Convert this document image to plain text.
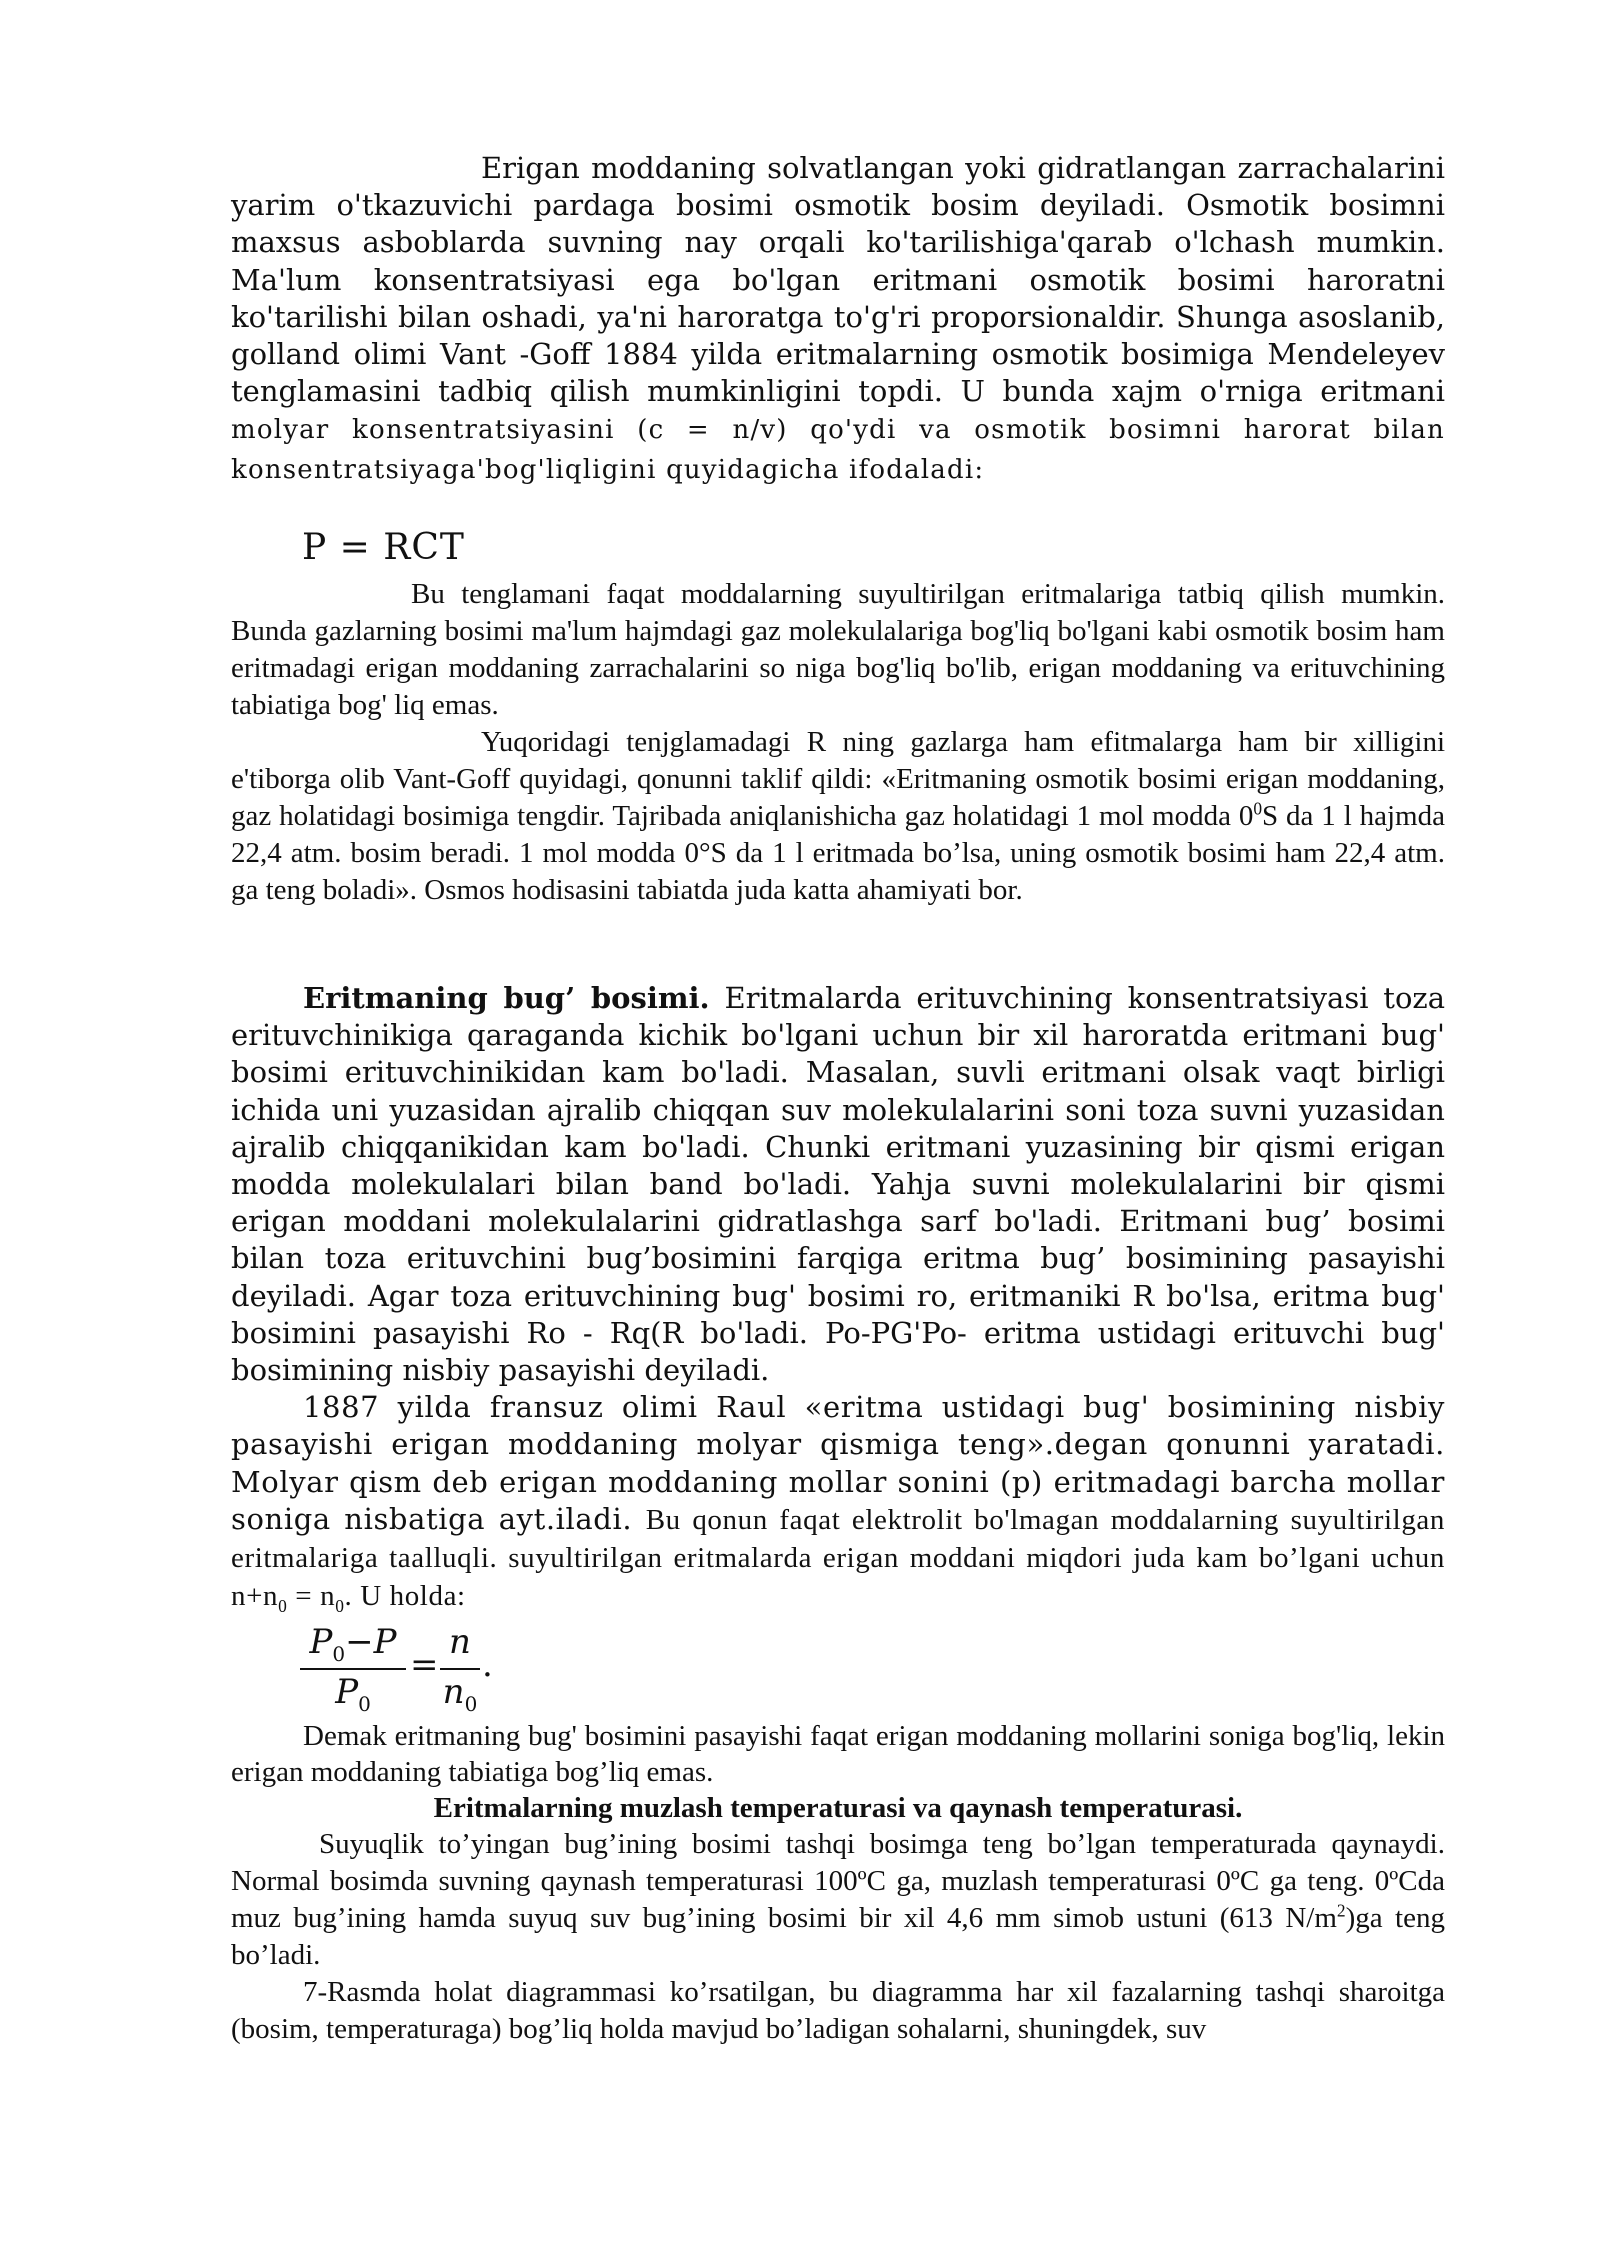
Erigan moddaning solvatlangan yoki gidratlangan zarrachalarini yarim o'tkazuvichi pardaga bosimi osmotik bosim deyiladi. Osmotik bosimni maxsus asboblarda suvning nay orqali ko'tarilishiga'qarab o'lchash mumkin. Ma'lum konsentratsiyasi ega bo'lgan eritmani osmotik bosimi haroratni ko'tarilishi bilan oshadi, ya'ni haroratga to'g'ri proporsionaldir. Shunga asoslanib, golland olimi Vant -Goff 1884 yilda eritmalarning osmotik bosimiga Mendeleyev tenglamasini tadbiq qilish mumkinligini topdi. U bunda xajm o'rniga eritmani molyar konsentratsiyasini (c = n/v) qo'ydi va osmotik bosimni harorat bilan konsentratsiyaga'bog'liqligini quyidagicha ifodaladi:

P = RCT

Bu tenglamani faqat moddalarning suyultirilgan eritmalariga tatbiq qilish mumkin. Bunda gazlarning bosimi ma'lum hajmdagi gaz molekulalariga bog'liq bo'lgani kabi osmotik bosim ham eritmadagi erigan moddaning zarrachalarini so niga bog'liq bo'lib, erigan moddaning va erituvchining tabiatiga bog' liq emas.

Yuqoridagi tenjglamadagi R ning gazlarga ham efitmalarga ham bir xilligini e'tiborga olib Vant-Goff quyidagi, qonunni taklif qildi: «Eritmaning osmotik bosimi erigan moddaning, gaz holatidagi bosimiga tengdir. Tajribada aniqlanishicha gaz holatidagi 1 mol modda $0^0S$ da 1 l hajmda 22,4 atm. bosim beradi. 1 mol modda 0°S da 1 l eritmada bo’lsa, uning osmotik bosimi ham 22,4 atm. ga teng boladi». Osmos hodisasini tabiatda juda katta ahamiyati bor.

Eritmaning bug’ bosimi. Eritmalarda erituvchining konsentratsiyasi toza erituvchinikiga qaraganda kichik bo'lgani uchun bir xil haroratda eritmani bug' bosimi erituvchinikidan kam bo'ladi. Masalan, suvli eritmani olsak vaqt birligi ichida uni yuzasidan ajralib chiqqan suv molekulalarini soni toza suvni yuzasidan ajralib chiqqanikidan kam bo'ladi. Chunki eritmani yuzasining bir qismi erigan modda molekulalari bilan band bo'ladi. Yahja suvni molekulalarini bir qismi erigan moddani molekulalarini gidratlashga sarf bo'ladi. Eritmani bug’ bosimi bilan toza erituvchini bug’bosimini farqiga eritma bug’ bosimining pasayishi deyiladi. Agar toza erituvchining bug' bosimi ro, eritmaniki R bo'lsa, eritma bug' bosimini pasayishi Ro - Rq(R bo'ladi. Po-PG'Po- eritma ustidagi erituvchi bug' bosimining nisbiy pasayishi deyiladi.

1887 yilda fransuz olimi Raul «eritma ustidagi bug' bosimining nisbiy pasayishi erigan moddaning molyar qismiga teng».degan qonunni yaratadi. Molyar qism deb erigan moddaning mollar sonini (p) eritmadagi barcha mollar soniga nisbatiga ayt.iladi. Bu qonun faqat elektrolit bo'lmagan moddalarning suyultirilgan eritmalariga taalluqli. suyultirilgan eritmalarda erigan moddani miqdori juda kam bo’lgani uchun $n+n_0 = n_0$. U holda:

$P_0-P$
$P_0$
=
n
$n_0$
.

Demak eritmaning bug' bosimini pasayishi faqat erigan moddaning mollarini soniga bog'liq, lekin erigan moddaning tabiatiga bog’liq emas.

Eritmalarning muzlash temperaturasi va qaynash temperaturasi.

Suyuqlik to’yingan bug’ining bosimi tashqi bosimga teng bo’lgan temperaturada qaynaydi. Normal bosimda suvning qaynash temperaturasi 100ºC ga, muzlash temperaturasi 0ºC ga teng. 0ºCda muz bug’ining hamda suyuq suv bug’ining bosimi bir xil 4,6 mm simob ustuni (613 $N/m^2)ga$ teng bo’ladi.

7-Rasmda holat diagrammasi ko’rsatilgan, bu diagramma har xil fazalarning tashqi sharoitga (bosim, temperaturaga) bog’liq holda mavjud bo’ladigan sohalarni, shuningdek, suv
